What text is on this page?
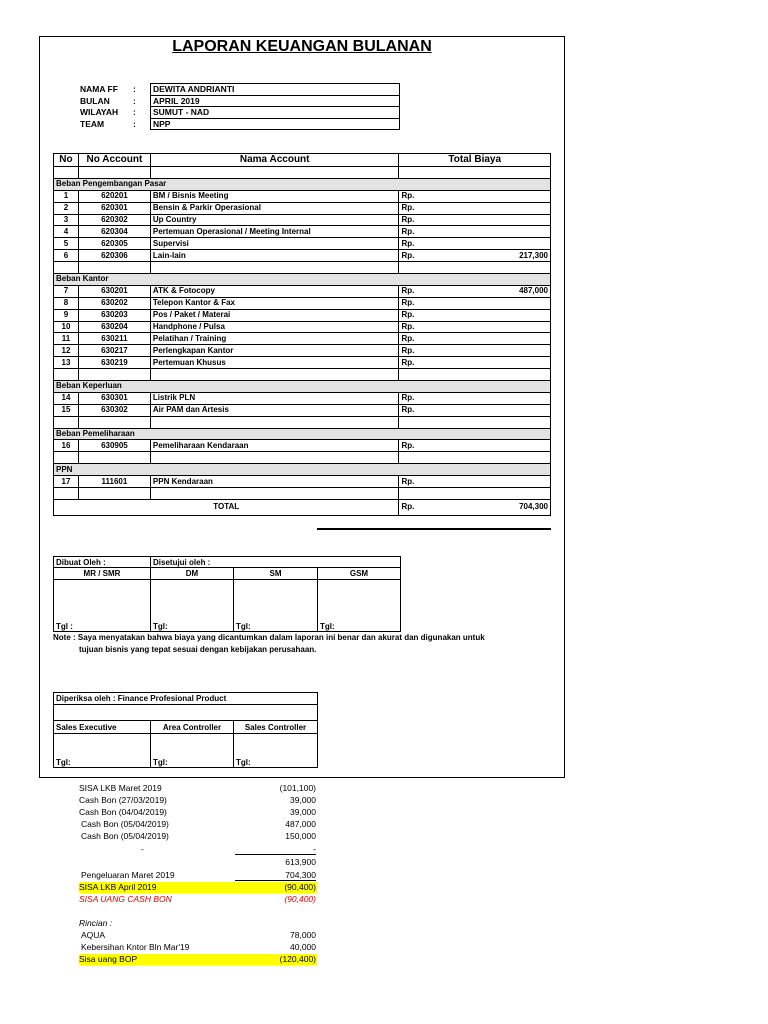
LAPORAN KEUANGAN BULANAN
NAMA FF :	DEWITA ANDRIANTI
BULAN	:	APRIL 2019
WILAYAH :	SUMUT - NAD
TEAM	:	NPP
No	No Account	Nama Account	Total Biaya

Beban Pengembangan Pasar			
1	620201	BM / Bisnis Meeting	Rp.

2	620301	Bensin & Parkir Operasional	Rp.

3	620302	Up Country	Rp.

4	620304	Pertemuan Operasional / Meeting Internal	Rp.

5	620305	Supervisi	Rp.

6	620306	Lain-lain	Rp. 217,300

Beban Kantor			
7	630201	ATK & Fotocopy	Rp. 487,000

8	630202	Telepon Kantor & Fax	Rp.

9	630203	Pos / Paket / Materai	Rp.

10	630204	Handphone / Pulsa	Rp.

11	630211	Pelatihan / Training	Rp.

12	630217	Perlengkapan Kantor	Rp.

13	630219	Pertemuan Khusus	Rp.

Beban Keperluan			
14	630301	Listrik PLN	Rp.

15	630302	Air PAM dan Artesis	Rp.

Beban Pemeliharaan			
16	630905	Pemeliharaan Kendaraan	Rp.

PPN			
17	111601	PPN Kendaraan	Rp.

TOTAL			Rp. 704,300
Dibuat Oleh :	Disetujui oleh :		
MR / SMR	DM	SM	GSM
Tgl :	Tgl:	Tgl:	Tgl:
Note : Saya menyatakan bahwa biaya yang dicantumkan dalam laporan ini benar dan akurat dan digunakan untuk
tujuan bisnis yang tepat sesuai dengan kebijakan perusahaan.
Diperiksa oleh : Finance Profesional Product		

Sales Executive	Area Controller	Sales Controller
Tgl:	Tgl:	Tgl:
SISA LKB Maret 2019	(101,100)
Cash Bon (27/03/2019)	39,000
Cash Bon (04/04/2019)	39,000
Cash Bon (05/04/2019)	487,000
Cash Bon (05/04/2019)	150,000
-	-
613,900
Pengeluaran Maret 2019	704,300
SISA LKB April 2019	(90,400)
SISA UANG CASH BON	(90,400)
Rincian :
AQUA	78,000
Kebersihan Kntor Bln Mar'19	40,000
Sisa uang BOP	(120,400)
